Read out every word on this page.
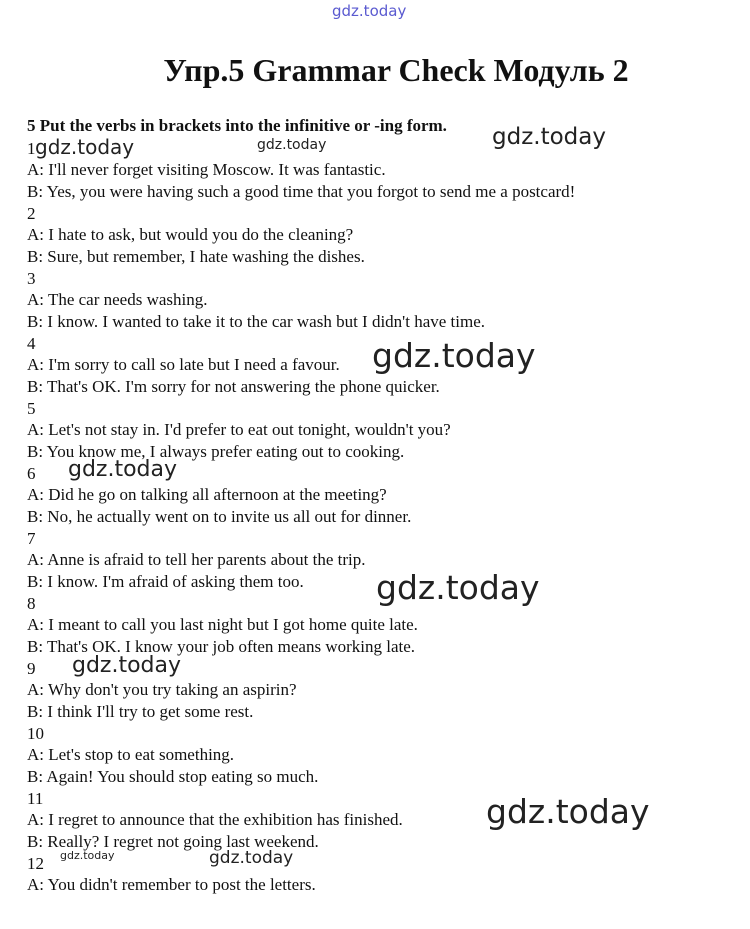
gdz.today
Упр.5 Grammar Check Модуль 2

5 Put the verbs in brackets into the infinitive or -ing form.

1
A: I'll never forget visiting Moscow. It was fantastic.
B: Yes, you were having such a good time that you forgot to send me a postcard!
2
A: I hate to ask, but would you do the cleaning?
B: Sure, but remember, I hate washing the dishes.
3
A: The car needs washing.
B: I know. I wanted to take it to the car wash but I didn't have time.
4
A: I'm sorry to call so late but I need a favour.
B: That's OK. I'm sorry for not answering the phone quicker.
5
A: Let's not stay in. I'd prefer to eat out tonight, wouldn't you?
B: You know me, I always prefer eating out to cooking.
6
A: Did he go on talking all afternoon at the meeting?
B: No, he actually went on to invite us all out for dinner.
7
A: Anne is afraid to tell her parents about the trip.
B: I know. I'm afraid of asking them too.
8
A: I meant to call you last night but I got home quite late.
B: That's OK. I know your job often means working late.
9
A: Why don't you try taking an aspirin?
B: I think I'll try to get some rest.
10
A: Let's stop to eat something.
B: Again! You should stop eating so much.
11
A: I regret to announce that the exhibition has finished.
B: Really? I regret not going last weekend.
12
A: You didn't remember to post the letters.
gdz.today	gdz.today	gdz.today
gdz.today
gdz.today
gdz.today
gdz.today
gdz.today
gdz.today	gdz.today
